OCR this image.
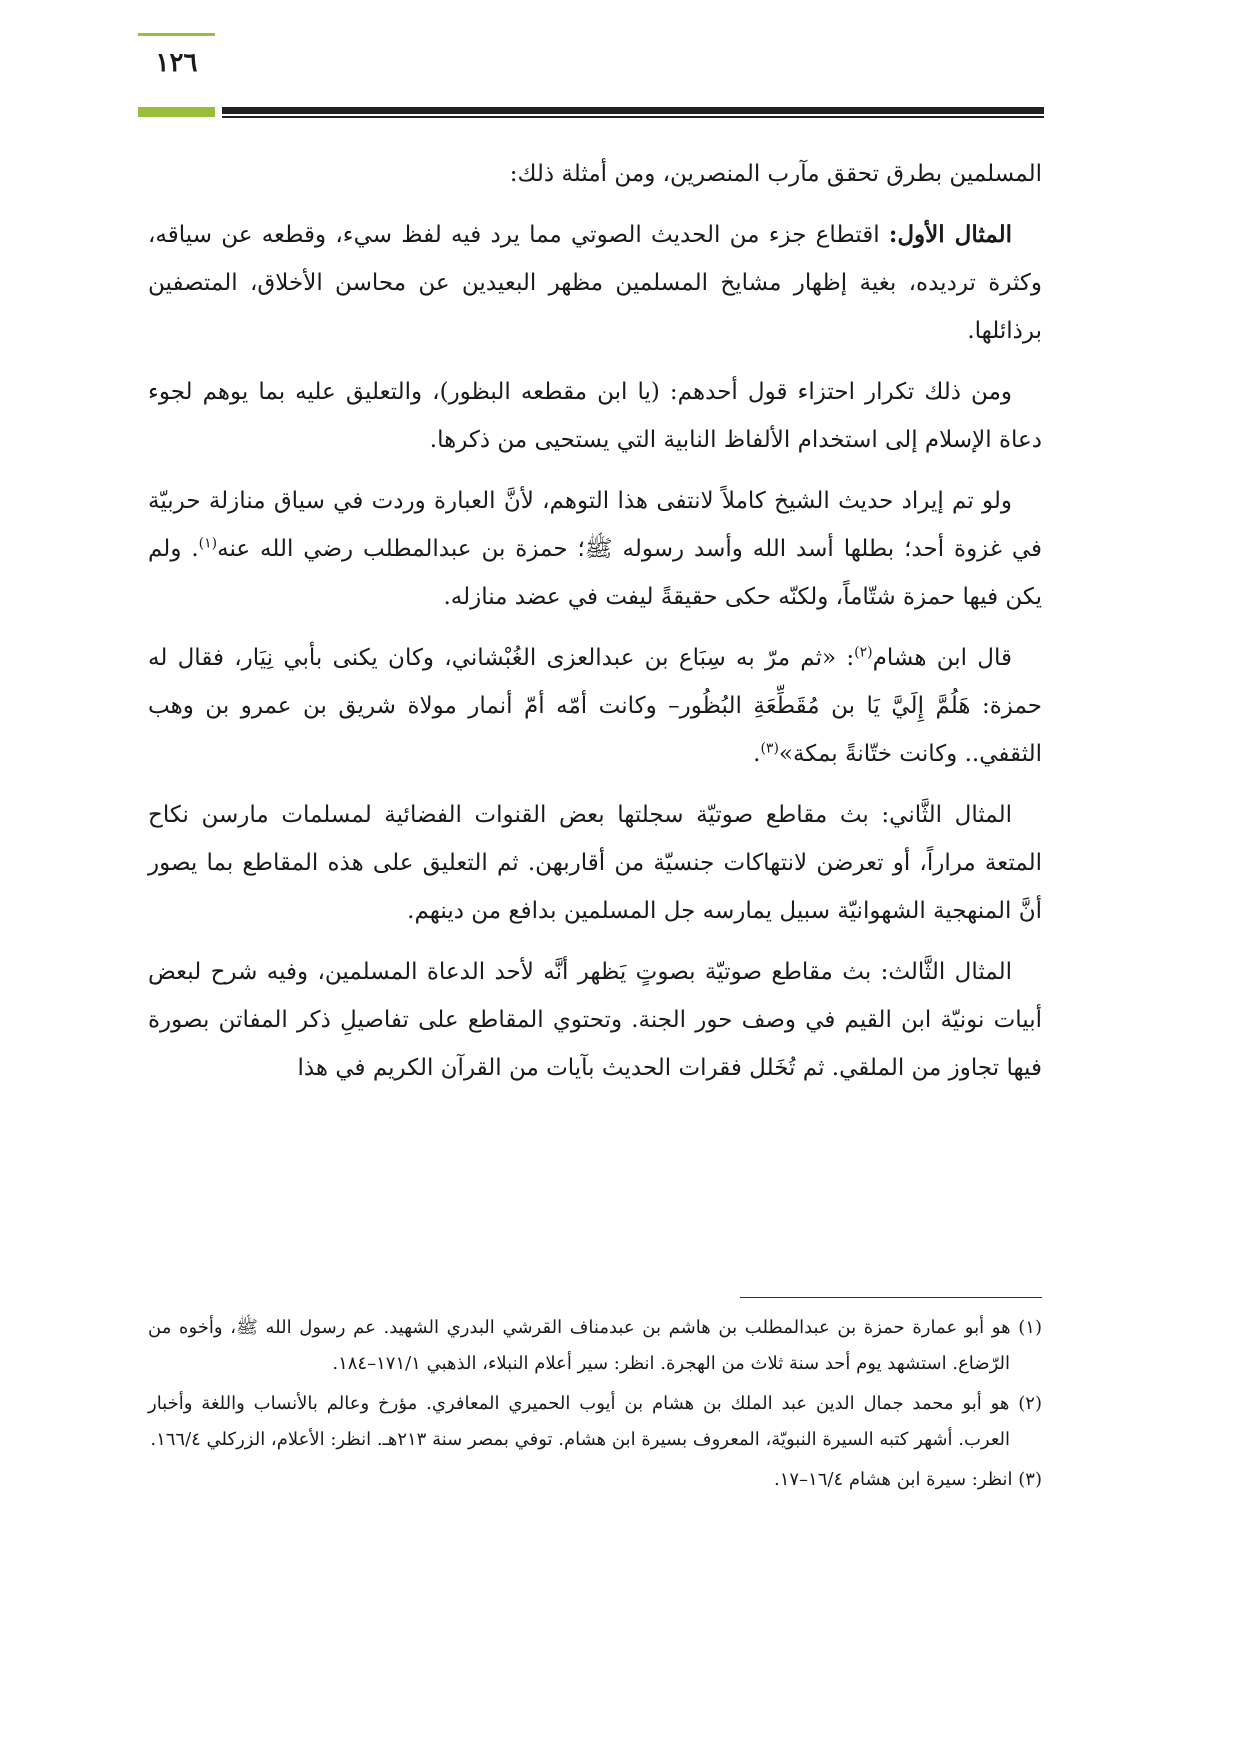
١٢٦

المسلمين بطرق تحقق مآرب المنصرين، ومن أمثلة ذلك:

المثال الأول: اقتطاع جزء من الحديث الصوتي مما يرد فيه لفظ سيء، وقطعه عن سياقه، وكثرة ترديده، بغية إظهار مشايخ المسلمين مظهر البعيدين عن محاسن الأخلاق، المتصفين برذائلها.

ومن ذلك تكرار احتزاء قول أحدهم: (يا ابن مقطعه البظور)، والتعليق عليه بما يوهم لجوء دعاة الإسلام إلى استخدام الألفاظ النابية التي يستحيى من ذكرها.

ولو تم إيراد حديث الشيخ كاملاً لانتفى هذا التوهم، لأنَّ العبارة وردت في سياق منازلة حربيّة في غزوة أحد؛ بطلها أسد الله وأسد رسوله ﷺ؛ حمزة بن عبدالمطلب رضي الله عنه$^{(١)}$. ولم يكن فيها حمزة شتّاماً، ولكنّه حكى حقيقةً ليفت في عضد منازله.

قال ابن هشام$^{(٢)}$: «ثم مرّ به سِبَاع بن عبدالعزى الغُبْشاني، وكان يكنى بأبي نِيَار، فقال له حمزة: هَلُمَّ إِلَيَّ يَا بن مُقَطِّعَةِ البُظُور– وكانت أمّه أمّ أنمار مولاة شريق بن عمرو بن وهب الثقفي.. وكانت ختّانةً بمكة»$^{(٣)}$.

المثال الثَّاني: بث مقاطع صوتيّة سجلتها بعض القنوات الفضائية لمسلمات مارسن نكاح المتعة مراراً، أو تعرضن لانتهاكات جنسيّة من أقاربهن. ثم التعليق على هذه المقاطع بما يصور أنَّ المنهجية الشهوانيّة سبيل يمارسه جل المسلمين بدافع من دينهم.

المثال الثَّالث: بث مقاطع صوتيّة بصوتٍ يَظهر أنَّه لأحد الدعاة المسلمين، وفيه شرح لبعض أبيات نونيّة ابن القيم في وصف حور الجنة. وتحتوي المقاطع على تفاصيلِ ذكر المفاتن بصورة فيها تجاوز من الملقي. ثم تُخَلل فقرات الحديث بآيات من القرآن الكريم في هذا

(١) هو أبو عمارة حمزة بن عبدالمطلب بن هاشم بن عبدمناف القرشي البدري الشهيد. عم رسول الله ﷺ، وأخوه من الرّضاع. استشهد يوم أحد سنة ثلاث من الهجرة. انظر: سير أعلام النبلاء، الذهبي ١٧١/١–١٨٤.

(٢) هو أبو محمد جمال الدين عبد الملك بن هشام بن أيوب الحميري المعافري. مؤرخ وعالم بالأنساب واللغة وأخبار العرب. أشهر كتبه السيرة النبويّة، المعروف بسيرة ابن هشام. توفي بمصر سنة ٢١٣هـ. انظر: الأعلام، الزركلي ١٦٦/٤.

(٣) انظر: سيرة ابن هشام ١٦/٤–١٧.
